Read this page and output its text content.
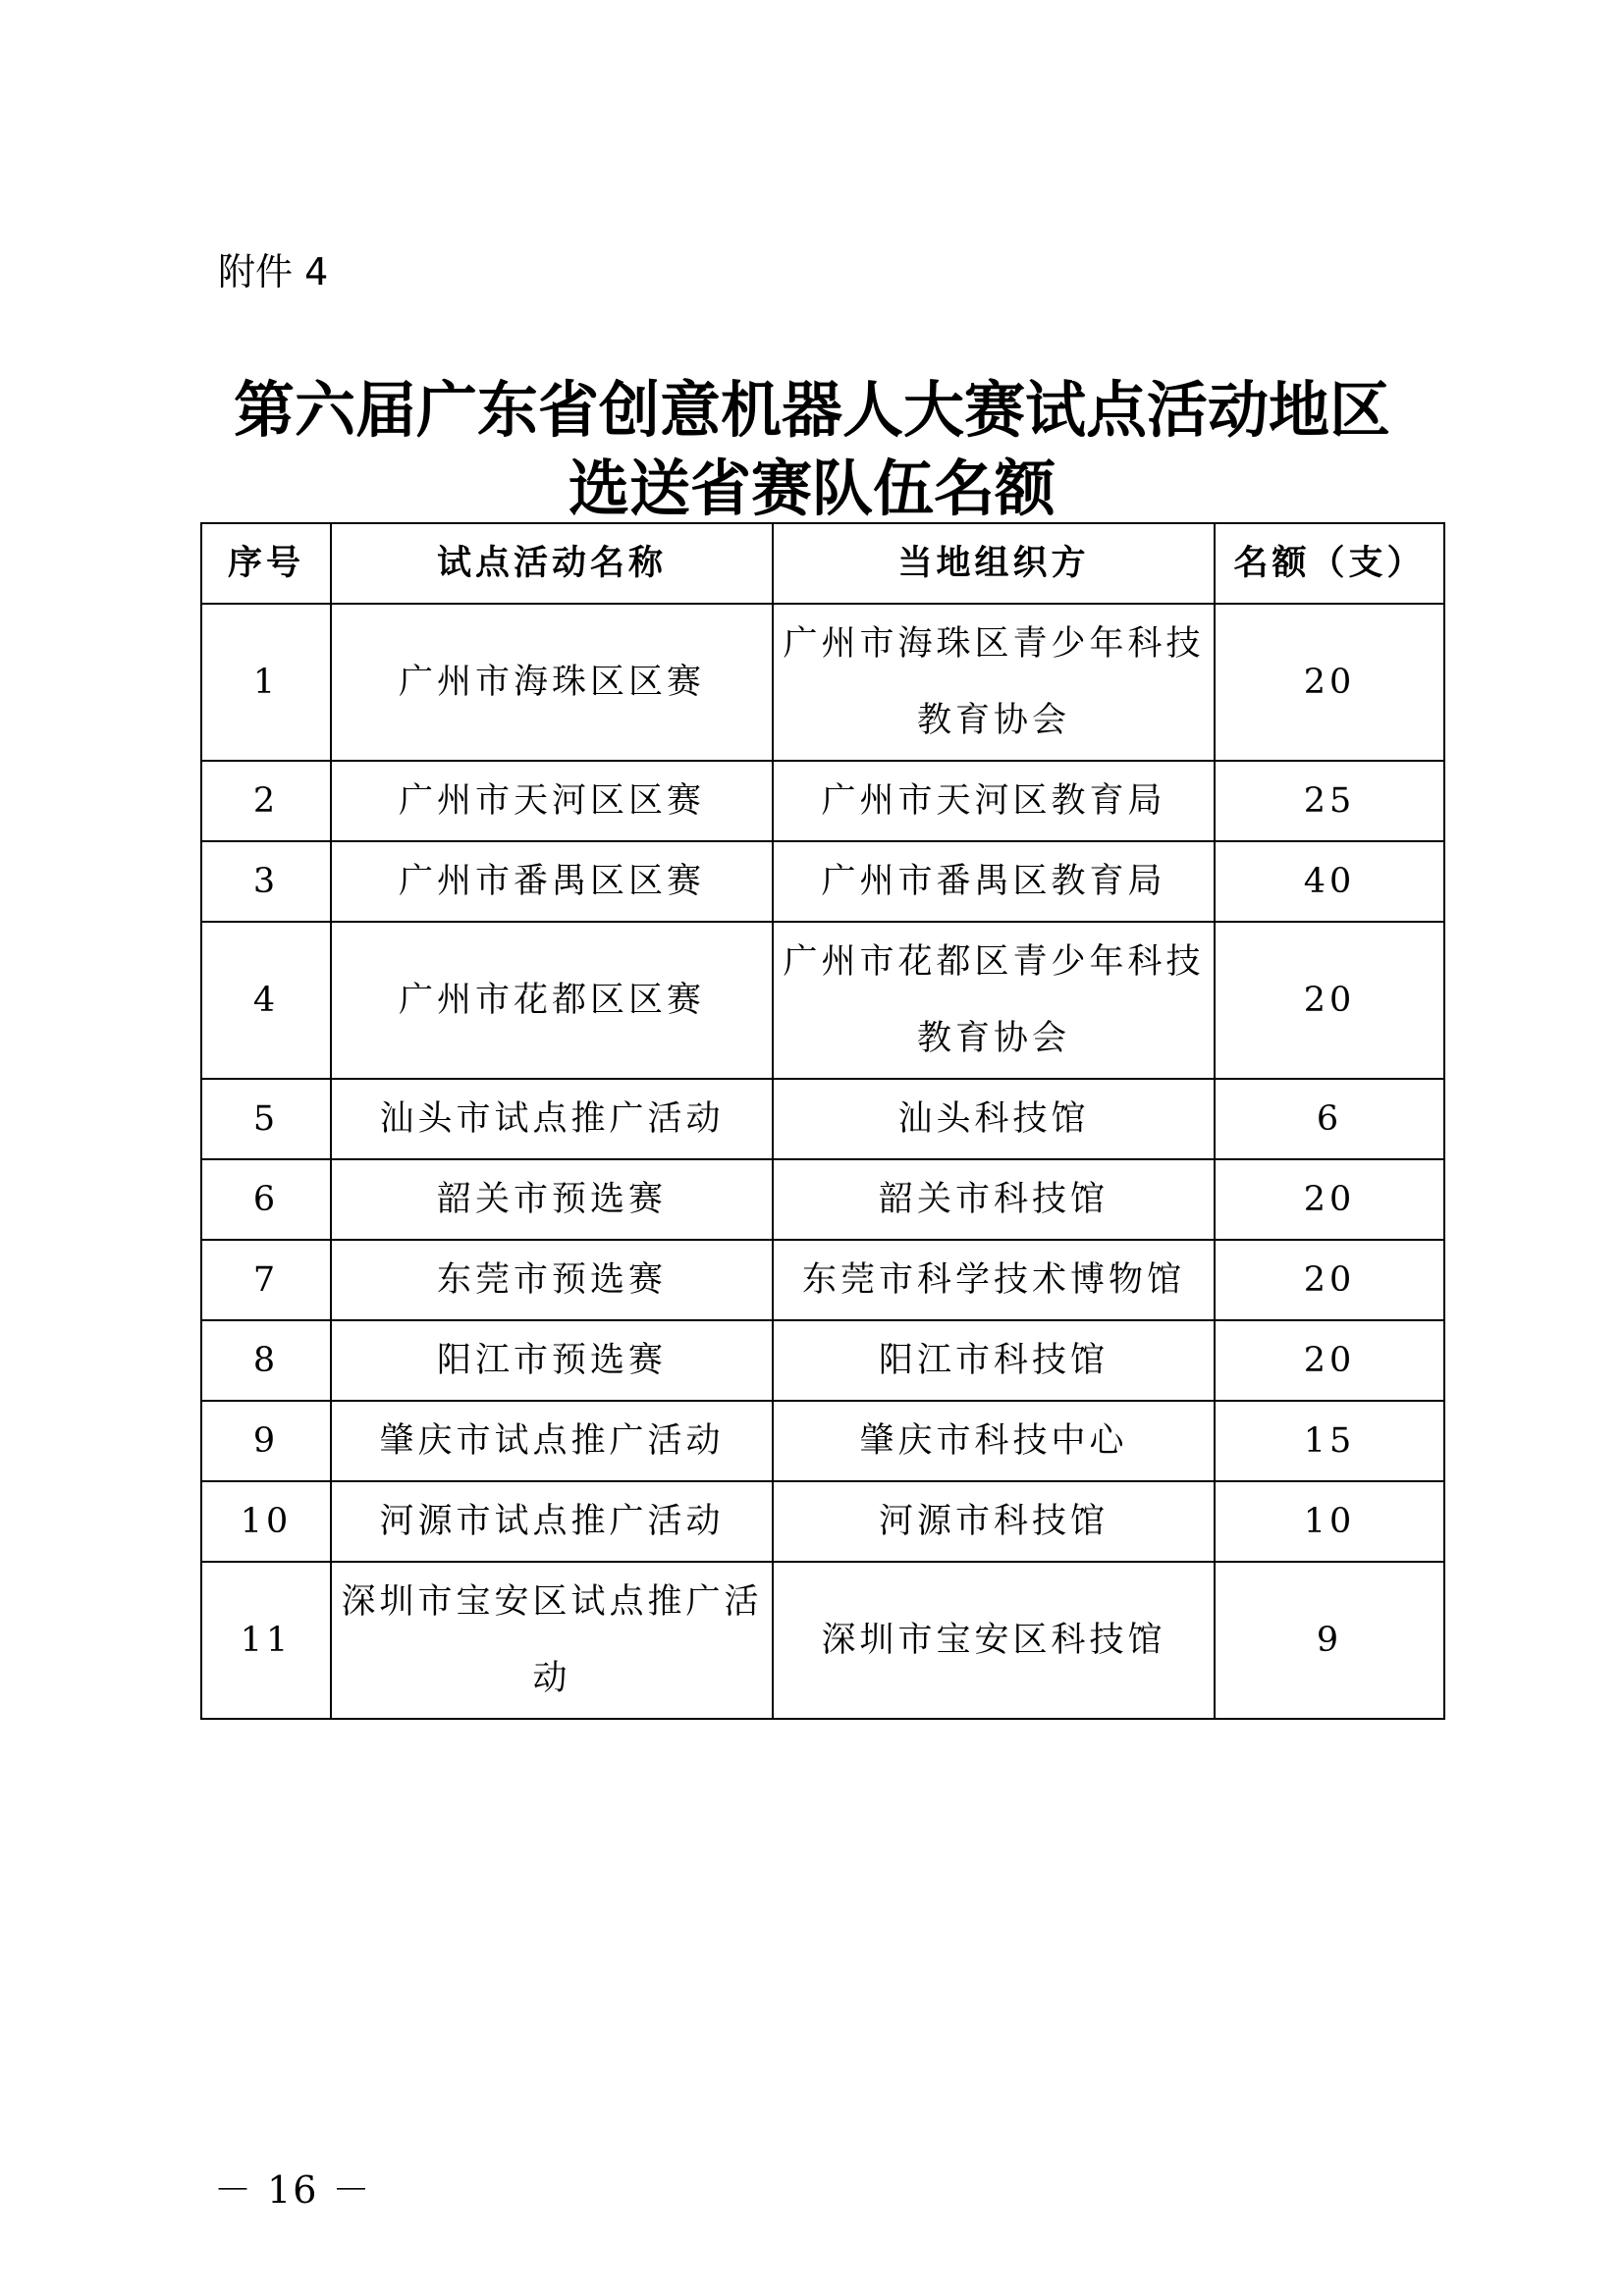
附件 4
第六届广东省创意机器人大赛试点活动地区
选送省赛队伍名额
序号	试点活动名称	当地组织方	名额（支）
1	广州市海珠区区赛	广州市海珠区青少年科技教育协会	20
2	广州市天河区区赛	广州市天河区教育局	25
3	广州市番禺区区赛	广州市番禺区教育局	40
4	广州市花都区区赛	广州市花都区青少年科技教育协会	20
5	汕头市试点推广活动	汕头科技馆	6
6	韶关市预选赛	韶关市科技馆	20
7	东莞市预选赛	东莞市科学技术博物馆	20
8	阳江市预选赛	阳江市科技馆	20
9	肇庆市试点推广活动	肇庆市科技中心	15
10	河源市试点推广活动	河源市科技馆	10
11	深圳市宝安区试点推广活动	深圳市宝安区科技馆	9
－ 16 －
